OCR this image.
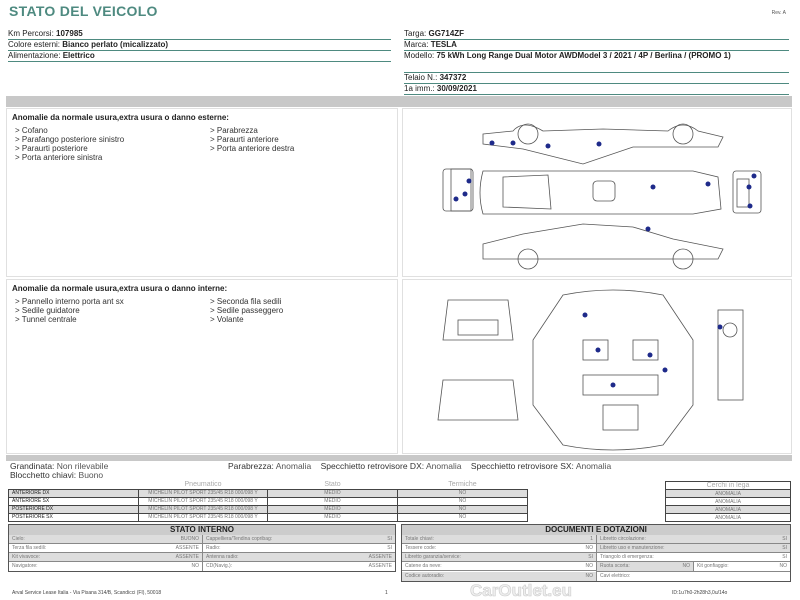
STATO DEL VEICOLO	Rev. A
Km Percorsi: 107985
Colore esterni: Bianco perlato (micalizzato)
Alimentazione: Elettrico
Targa: GG714ZF
Marca: TESLA
Modello: 75 kWh Long Range Dual Motor AWDModel 3 / 2021 / 4P / Berlina / (PROMO 1)
Telaio N.: 347372
1a imm.: 30/09/2021
Anomalie da normale usura,extra usura o danno esterne:
> Cofano	> Parabrezza
> Parafango posteriore sinistro	> Paraurti anteriore
> Paraurti posteriore	> Porta anteriore destra
> Porta anteriore sinistra
Anomalie da normale usura,extra usura o danno interne:
> Pannello interno porta ant sx	> Seconda fila sedili
> Sedile guidatore	> Sedile passeggero
> Tunnel centrale	> Volante
Grandinata: Non rilevabile
Blocchetto chiavi: Buono
Parabrezza: Anomalia Specchietto retrovisore DX: Anomalia Specchietto retrovisore SX: Anomalia
	Pneumatico	Stato	Termiche
ANTERIORE DX	MICHELIN PILOT SPORT 235/45 R18 000/098 Y	MEDIO	NO
ANTERIORE SX	MICHELIN PILOT SPORT 235/45 R18 000/098 Y	MEDIO	NO
POSTERIORE DX	MICHELIN PILOT SPORT 235/45 R18 000/098 Y	MEDIO	NO
POSTERIORE SX	MICHELIN PILOT SPORT 235/45 R18 000/098 Y	MEDIO	NO
Cerchi in lega
ANOMALIA
ANOMALIA
ANOMALIA
ANOMALIA
STATO INTERNO
Cielo:	BUONO Cappelliera/Tendina copribag:	SI
Terza fila sedili:	ASSENTE Radio:	SI
Kit vivavoce:	ASSENTE Antenna radio:	ASSENTE
Navigatore:	NO CD(Navig.):	ASSENTE
DOCUMENTI E DOTAZIONI
Totale chiavi:	1 Libretto circolazione:	SI
Tessere code:	NO Libretto uso e manutenzione:	SI
Libretto garanzia/service:	SI Triangolo di emergenza:	SI
Catene da neve:	NO Ruota scorta:	NO Kit gonfiaggio:	NO
Codice autoradio:	NO Cavi elettrico:
Arval Service Lease Italia - Via Pisana 314/B, Scandicci (FI), 50018	1	CarOutlet.eu	ID:1u7h0-2h28h3,0u/14o
